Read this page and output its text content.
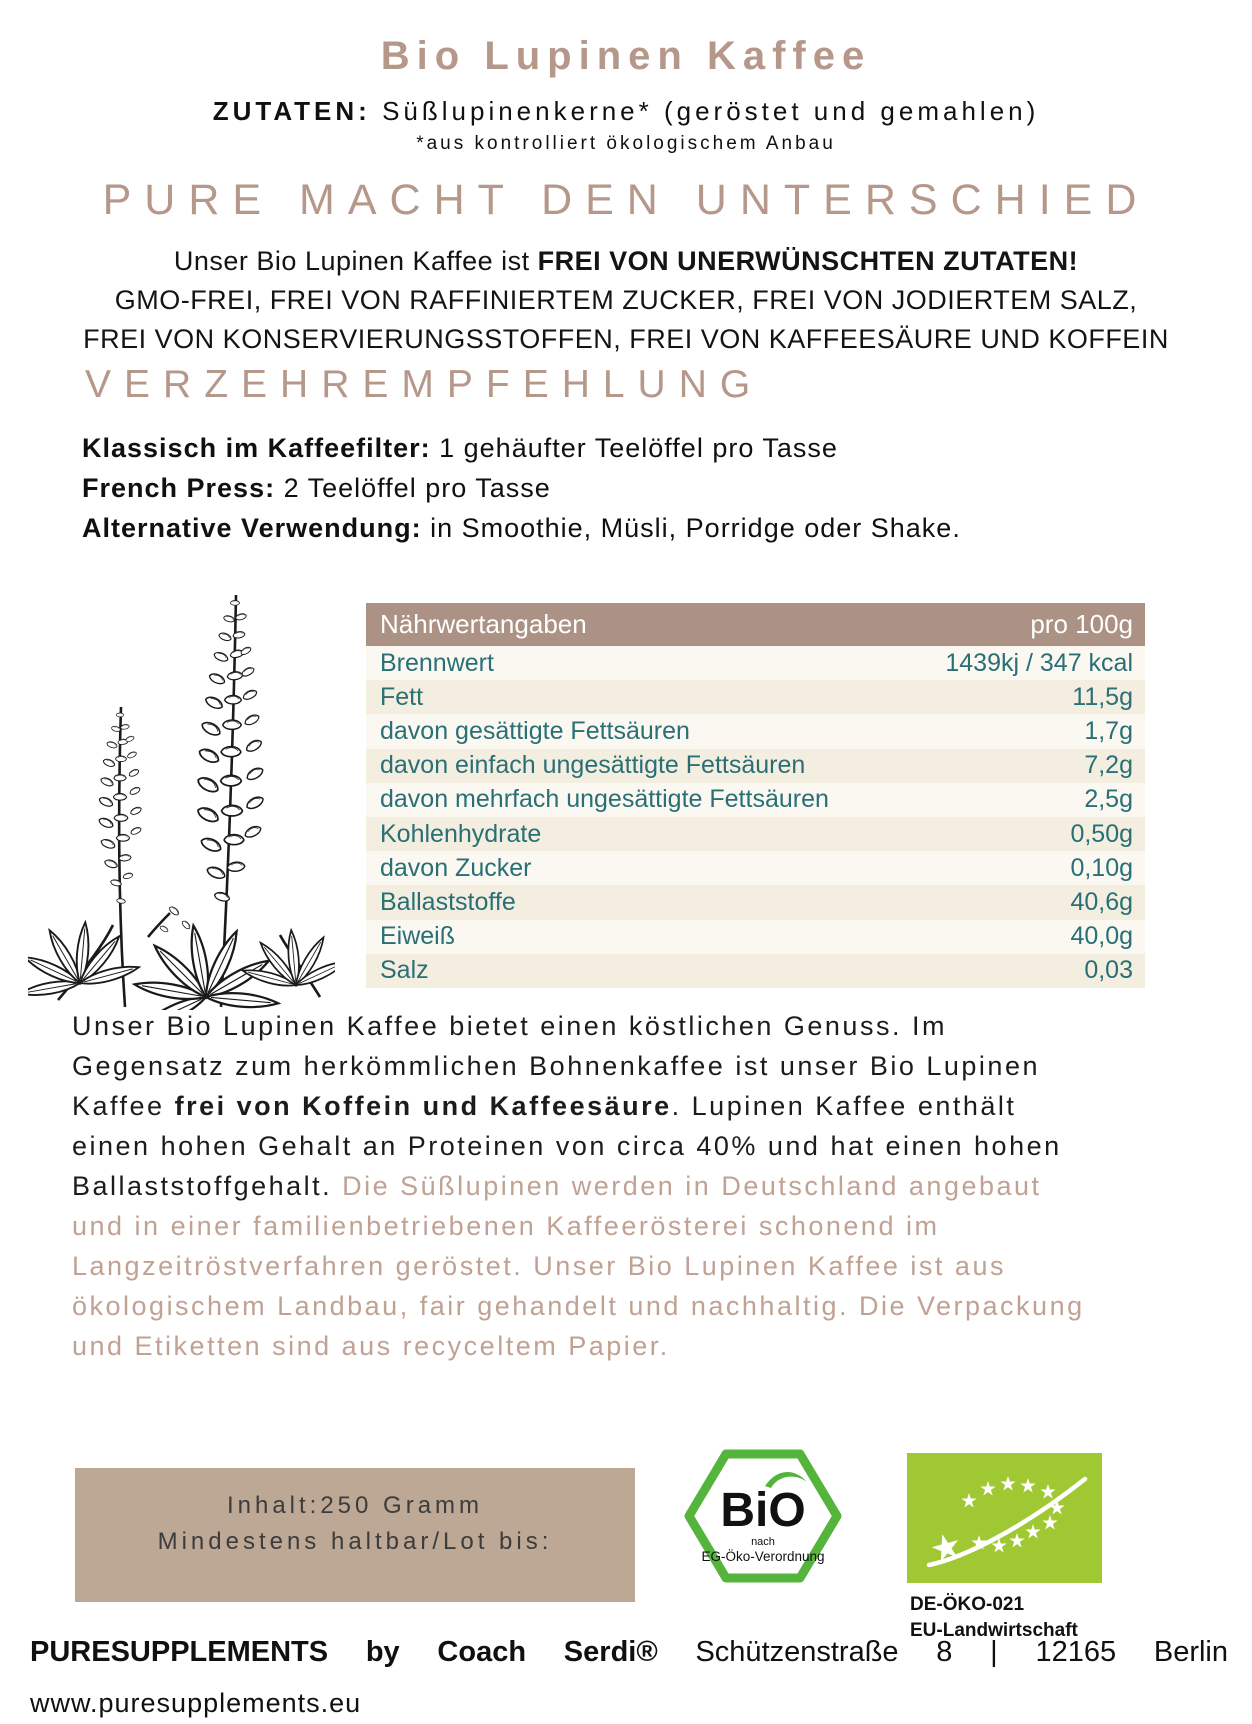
Bio Lupinen Kaffee
ZUTATEN: Süßlupinenkerne* (geröstet und gemahlen)
*aus kontrolliert ökologischem Anbau
PURE MACHT DEN UNTERSCHIED
Unser Bio Lupinen Kaffee ist FREI VON UNERWÜNSCHTEN ZUTATEN!
GMO-FREI, FREI VON RAFFINIERTEM ZUCKER, FREI VON JODIERTEM SALZ,
FREI VON KONSERVIERUNGSSTOFFEN, FREI VON KAFFEESÄURE UND KOFFEIN
VERZEHREMPFEHLUNG
Klassisch im Kaffeefilter: 1 gehäufter Teelöffel pro Tasse
French Press: 2 Teelöffel pro Tasse
Alternative Verwendung: in Smoothie, Müsli, Porridge oder Shake.
Nährwertangaben	pro 100g
Brennwert	1439kj / 347 kcal
Fett	11,5g
davon gesättigte Fettsäuren	1,7g
davon einfach ungesättigte Fettsäuren	7,2g
davon mehrfach ungesättigte Fettsäuren	2,5g
Kohlenhydrate	0,50g
davon Zucker	0,10g
Ballaststoffe	40,6g
Eiweiß	40,0g
Salz	0,03

Unser Bio Lupinen Kaffee bietet einen köstlichen Genuss. Im Gegensatz zum herkömmlichen Bohnenkaffee ist unser Bio Lupinen Kaffee frei von Koffein und Kaffeesäure. Lupinen Kaffee enthält einen hohen Gehalt an Proteinen von circa 40% und hat einen hohen Ballaststoffgehalt. Die Süßlupinen werden in Deutschland angebaut und in einer familienbetriebenen Kaffeerösterei schonend im Langzeitröstverfahren geröstet. Unser Bio Lupinen Kaffee ist aus ökologischem Landbau, fair gehandelt und nachhaltig. Die Verpackung und Etiketten sind aus recyceltem Papier.

Inhalt:250 Gramm
Mindestens haltbar/Lot bis:
BiO
nach
EG-Öko-Verordnung
DE-ÖKO-021
EU-Landwirtschaft
PURESUPPLEMENTS by Coach Serdi® Schützenstraße 8 | 12165 Berlin
www.puresupplements.eu
